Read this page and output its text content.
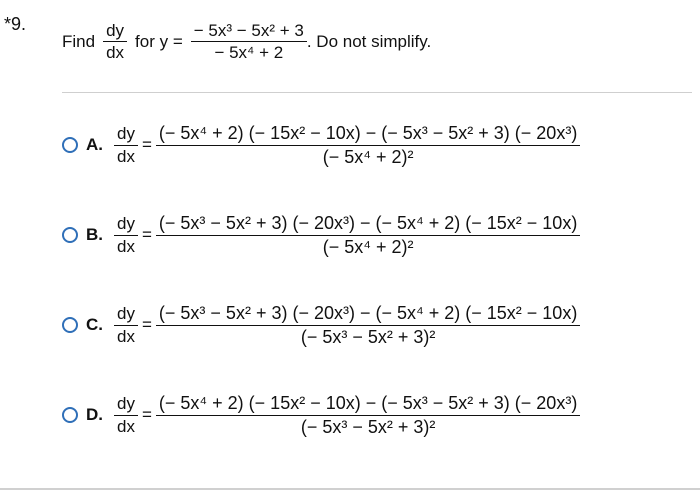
*9.
Find $\frac{dy}{dx}$ for $y = \frac{\text{− 5x³ − 5x² + 3}}{\text{− 5x⁴ + 2}}$ . Do not simplify.
A. $\frac{dy}{dx} = \frac{\text{(− 5x⁴ + 2) (− 15x² − 10x) − (− 5x³ − 5x² + 3) (− 20x³)}}{\text{(− 5x⁴ + 2)²}}$
B. $\frac{dy}{dx} = \frac{\text{(− 5x³ − 5x² + 3) (− 20x³) − (− 5x⁴ + 2) (− 15x² − 10x)}}{\text{(− 5x⁴ + 2)²}}$
C. $\frac{dy}{dx} = \frac{\text{(− 5x³ − 5x² + 3) (− 20x³) − (− 5x⁴ + 2) (− 15x² − 10x)}}{\text{(− 5x³ − 5x² + 3)²}}$
D. $\frac{dy}{dx} = \frac{\text{(− 5x⁴ + 2) (− 15x² − 10x) − (− 5x³ − 5x² + 3) (− 20x³)}}{\text{(− 5x³ − 5x² + 3)²}}$
